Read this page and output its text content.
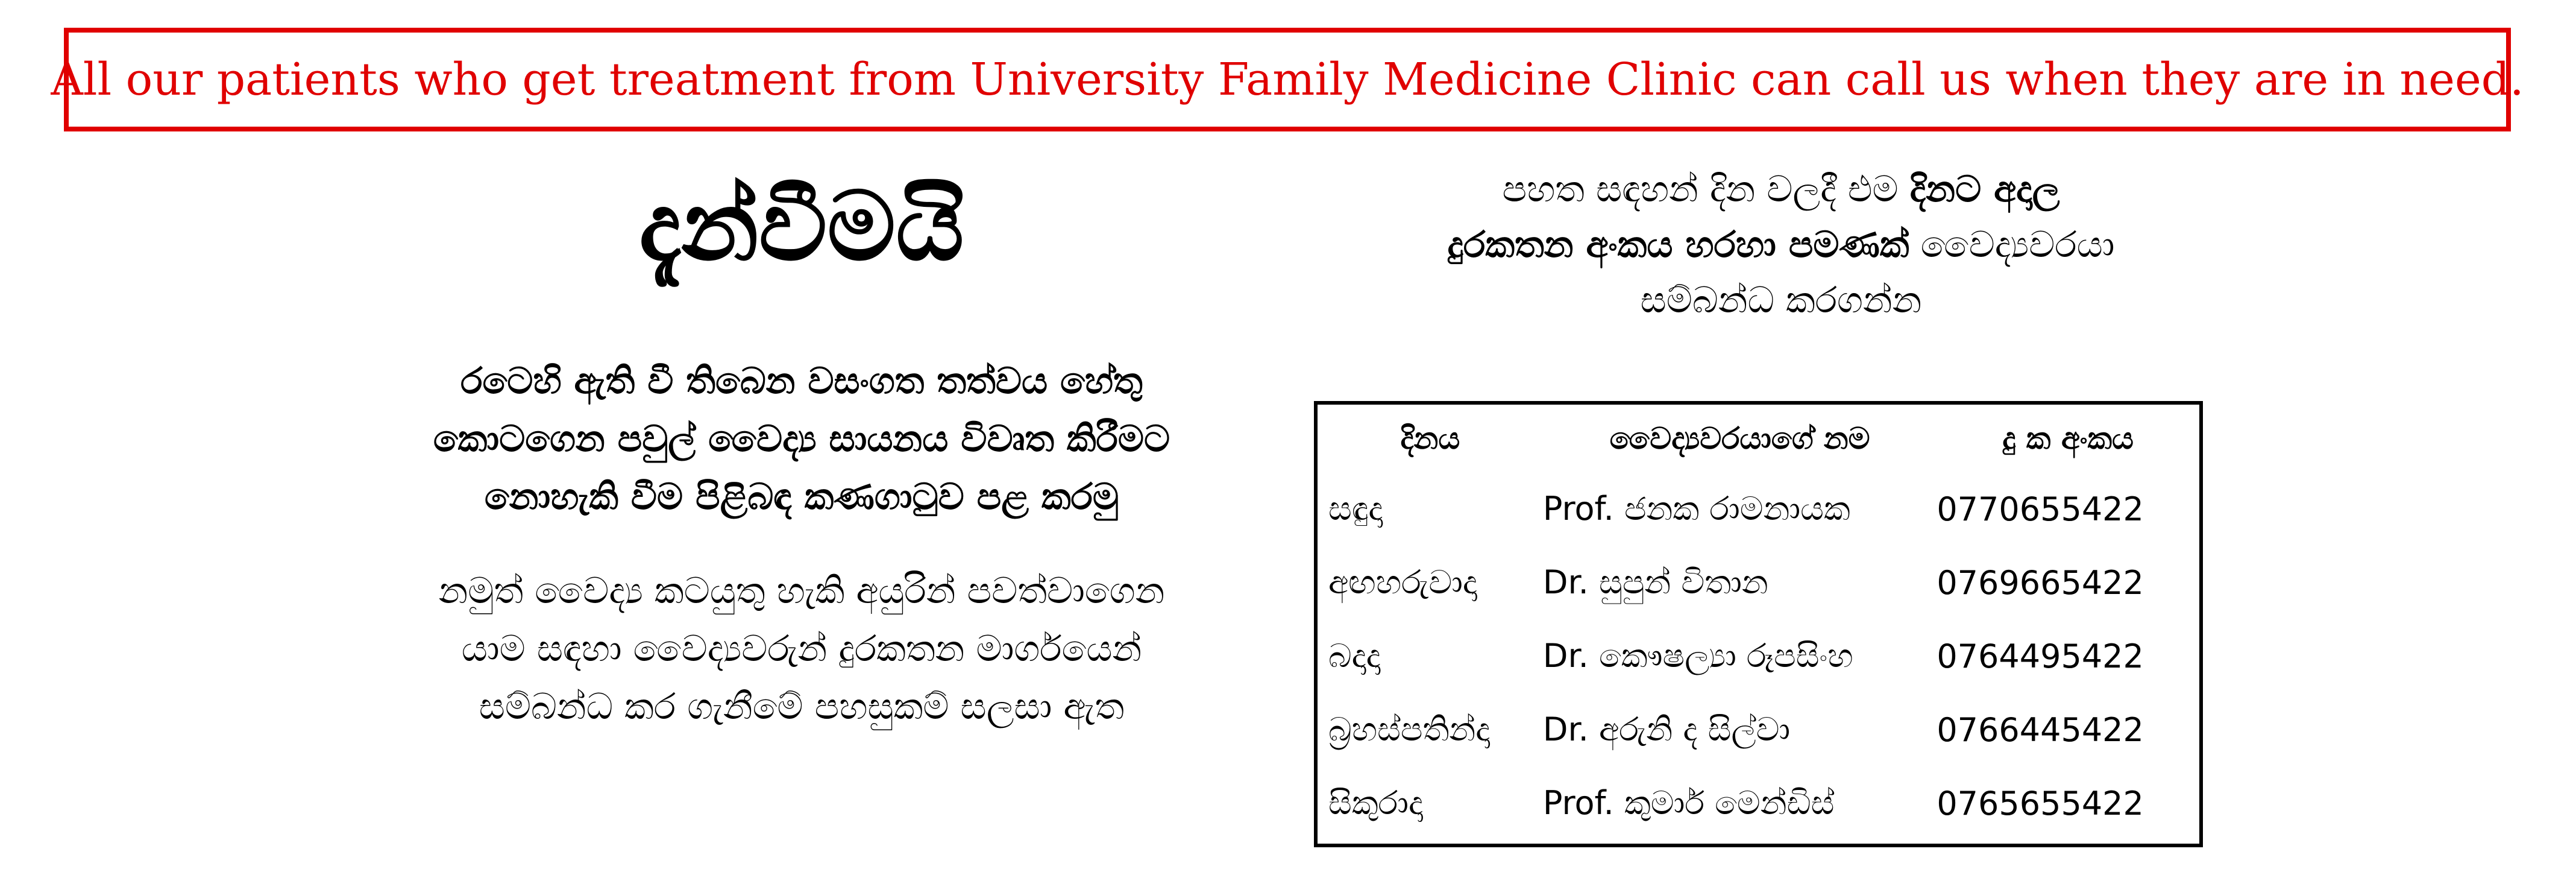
All our patients who get treatment from University Family Medicine Clinic can call us when they are in need.
දැන්වීමයි

රටෙහි ඇති වී තිබෙන වසංගත තත්වය හේතු
කොටගෙන පවුල් වෛද්‍ය සායනය විවෘත කිරීමට
නොහැකි වීම පිළිබඳ කණගාටුව පළ කරමු

නමුත් වෛද්‍ය කටයුතු හැකි අයුරින් පවත්වාගෙන
යාම සඳහා වෛද්‍යවරුන් දුරකතන මාර්ගයෙන්
සම්බන්ධ කර ගැනීමේ පහසුකම් සලසා ඇත

පහත සඳහන් දින වලදී එම දිනට අදාල
දුරකතන අංකය හරහා පමණක් වෛද්‍යවරයා
සම්බන්ධ කරගන්න
දිනය	වෛද්‍යවරයාගේ නම	දු ක අංකය
සඳුදා	Prof. ජනක රාමනායක	0770655422
අඟහරුවාදා	Dr. සුපුන් විතාන	0769665422
බදාදා	Dr. කෞෂල්‍යා රූපසිංහ	0764495422
බ්‍රහස්පතින්දා	Dr. අරුනි ද සිල්වා	0766445422
සිකුරාදා	Prof. කුමාර් මෙන්ඩිස්	0765655422
